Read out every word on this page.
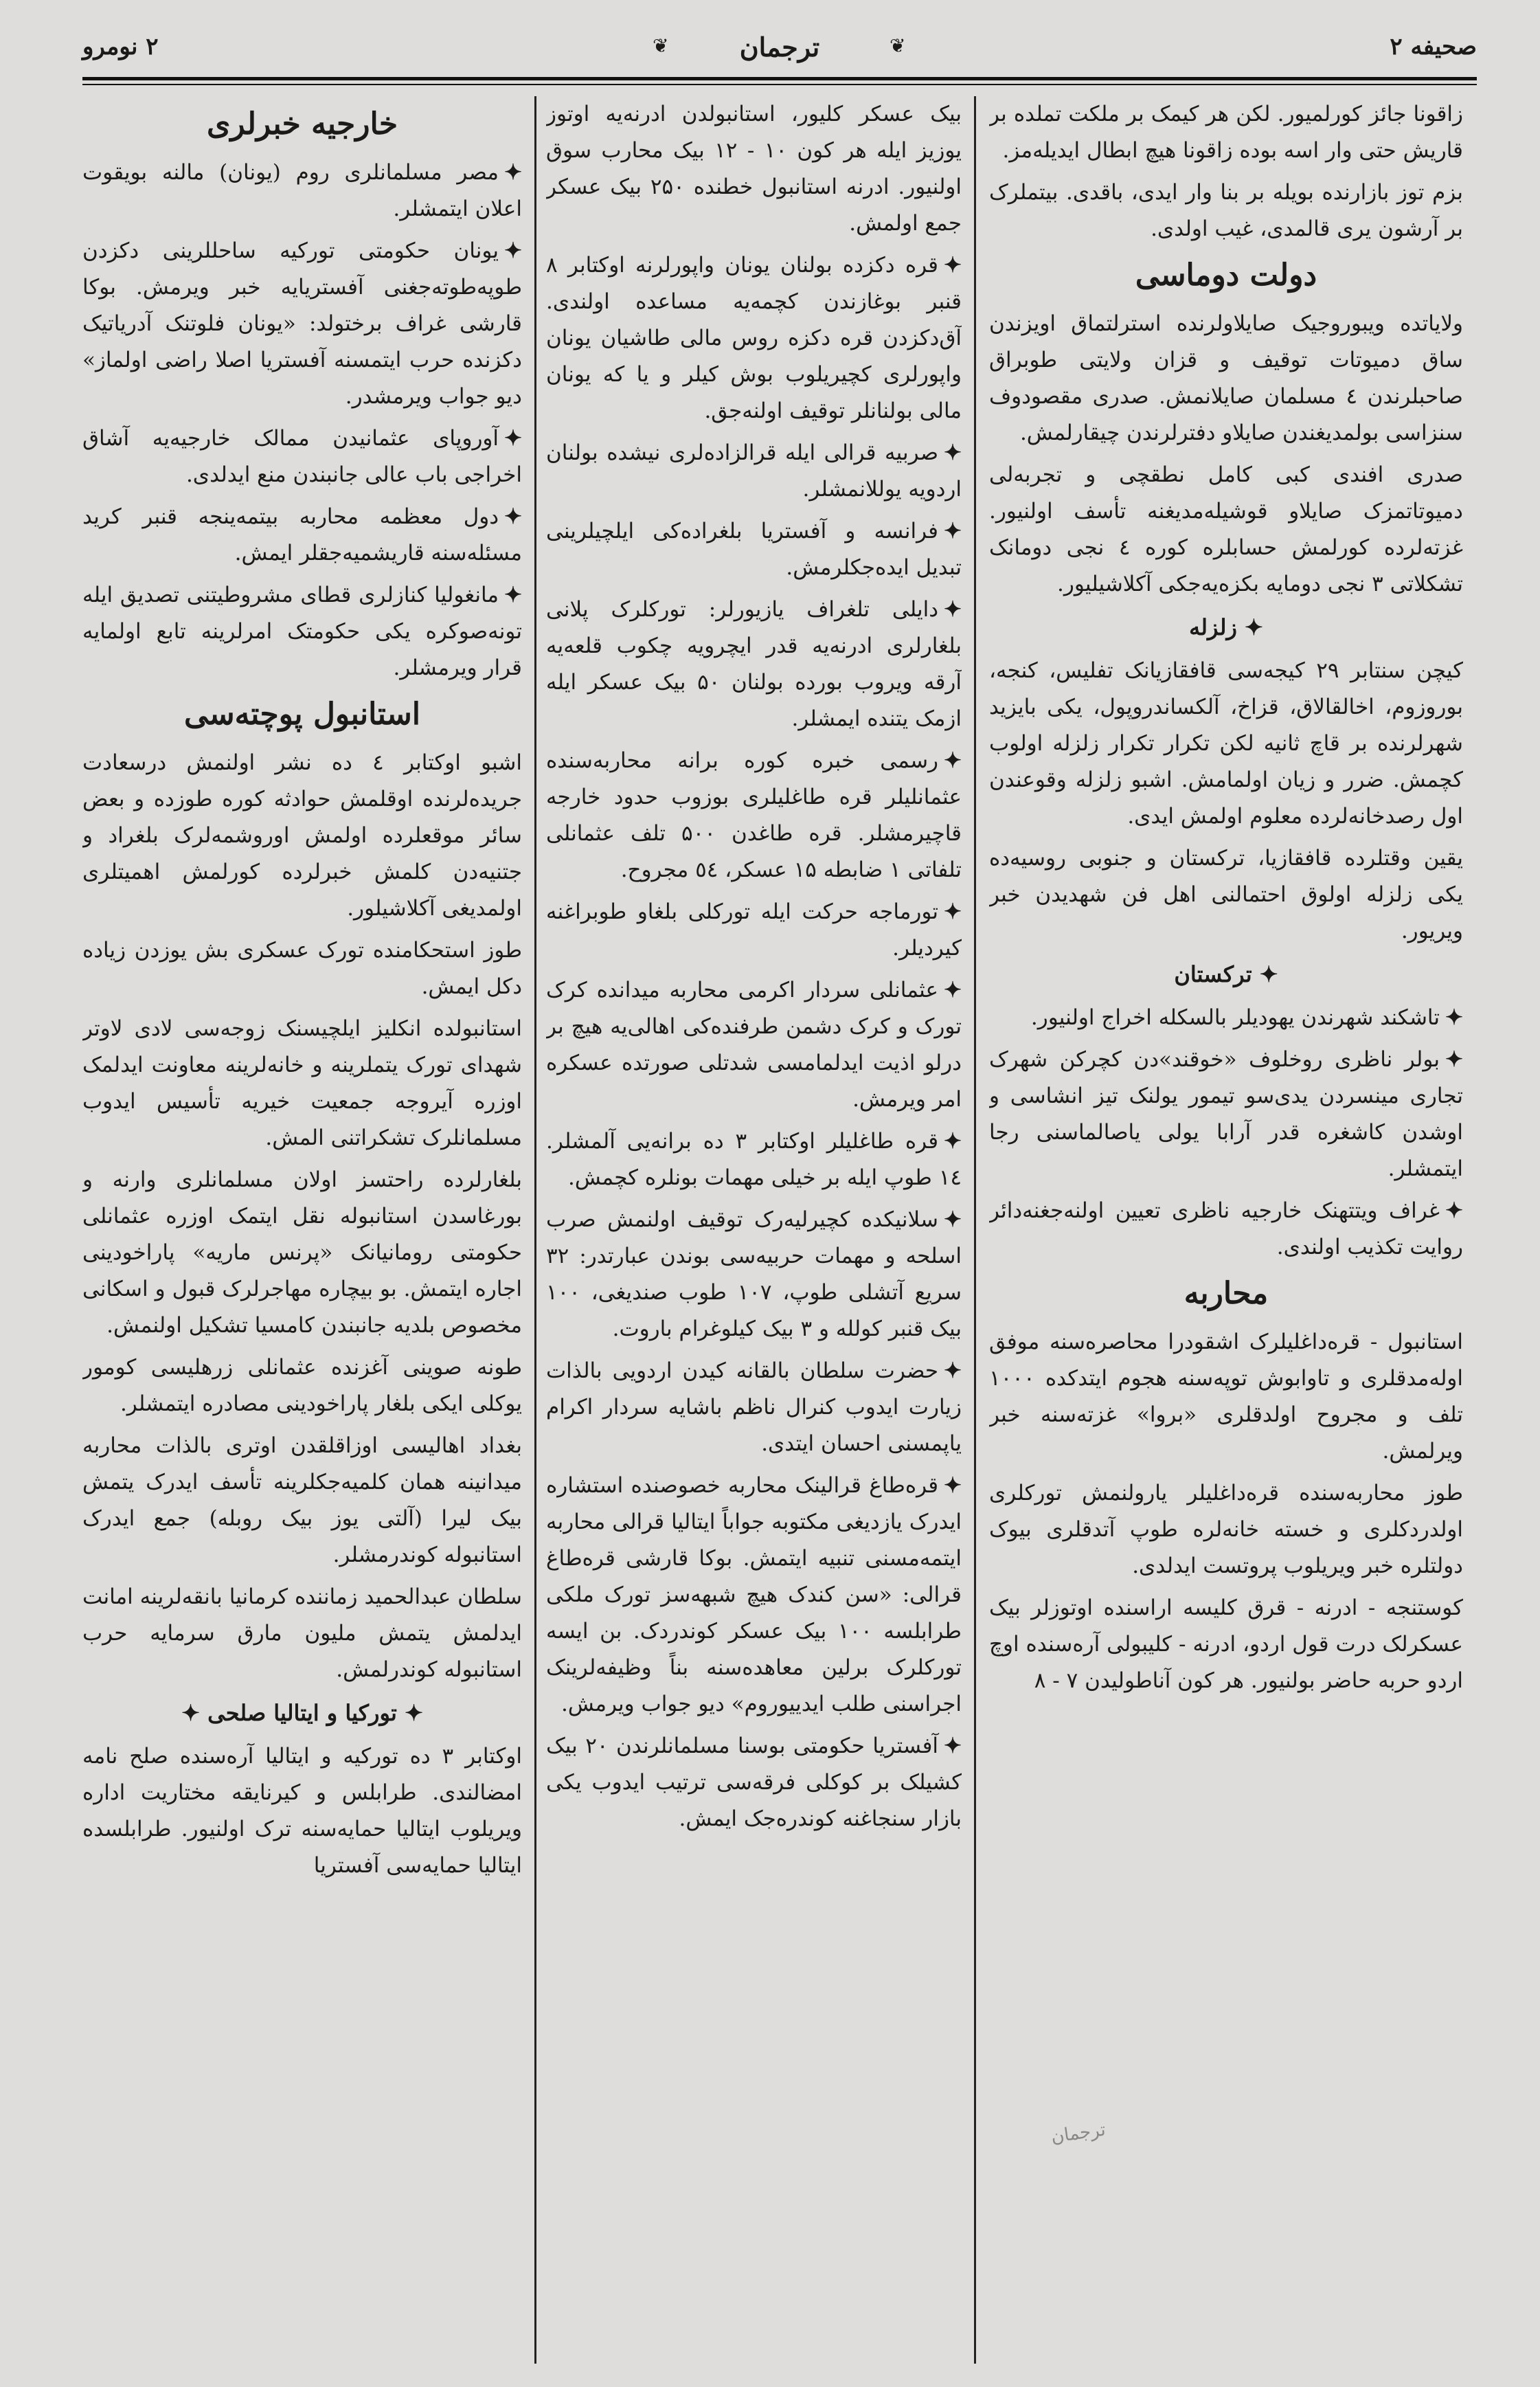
۲ نومرو	❦	ترجمان	❦	صحیفه ۲

زاقونا جائز کورلمیور. لکن هر کیمک بر ملکت تملده بر قاریش حتی وار اسه بوده زاقونا هیچ ابطال ایدیله‌مز.

بزم توز بازارنده بویله بر بنا وار ایدی، باقدی. بیتملرک بر آرشون یری قالمدی، غیب اولدی.

دولت دوماسی

ولایاتده ویبوروجیک صایلاولرنده استرلتماق اویزندن ساق دمیوتات توقیف و قزان ولایتی طوبراق صاحبلرندن ٤ مسلمان صایلانمش. صدری مقصودوف سنزاسی بولمدیغندن صایلاو دفترلرندن چیقارلمش.

صدری افندی کبی کامل نطقچی و تجربه‌لی دمیوتاتمزک صایلاو قوشیله‌مدیغنه تأسف اولنیور. غزته‌لرده کورلمش حسابلره کوره ٤ نجی دومانک تشکلاتی ۳ نجی دومایه بکزه‌یه‌جکی آکلاشیلیور.

✦ زلزله

کیچن سنتابر ۲۹ کیجه‌سی قافقازیانک تفلیس، کنجه، بوروزوم، اخالقالاق، قزاخ، آلکساندروپول، یکی بایزید شهرلرنده بر قاچ ثانیه لکن تکرار تکرار زلزله اولوب کچمش. ضرر و زیان اولمامش. اشبو زلزله وقوعندن اول رصدخانه‌لرده معلوم اولمش ایدی.

یقین وقتلرده قافقازیا، ترکستان و جنوبی روسیه‌ده یکی زلزله اولوق احتمالنی اهل فن شهدیدن خبر ویریور.

✦ ترکستان

✦تاشکند شهرندن یهودیلر بالسکله اخراج اولنیور.

✦بولر ناظری روخلوف «خوقند»دن کچرکن شهرک تجاری مینسردن یدی‌سو تیمور یولنک تیز انشاسی و اوشدن کاشغره قدر آرابا یولی یاصالماسنی رجا ایتمشلر.

✦غراف ویتتهنک خارجیه ناظری تعیین اولنه‌جغنه‌دائر روایت تکذیب اولندی.

محاربه

استانبول - قره‌داغلیلرک اشقودرا محاصره‌سنه موفق اوله‌مدقلری و تاوابوش توپه‌سنه هجوم ایتدکده ۱۰۰۰ تلف و مجروح اولدقلری «بروا» غزته‌سنه خبر ویرلمش.

طوز محاربه‌سنده قره‌داغلیلر یارولنمش تورکلری اولدردکلری و خسته خانه‌لره طوپ آتدقلری بیوک دولتلره خبر ویریلوب پروتست ایدلدی.

کوستنجه - ادرنه - قرق کلیسه اراسنده اوتوزلر بیک عسکرلک درت قول اردو، ادرنه - کلیبولی آره‌سنده اوچ اردو حربه حاضر بولنیور. هر کون آناطولیدن ۷ - ۸

بیک عسکر کلیور، استانبولدن ادرنه‌یه اوتوز یوزیز ایله هر کون ۱۰ - ۱۲ بیک محارب سوق اولنیور. ادرنه استانبول خطنده ۲۵۰ بیک عسکر جمع اولمش.

✦قره دکزده بولنان یونان واپورلرنه اوکتابر ۸ قنبر بوغازندن کچمه‌یه مساعده اولندی. آق‌دکزدن قره دکزه روس مالی طاشیان یونان واپورلری کچیریلوب بوش کیلر و یا که یونان مالی بولنانلر توقیف اولنه‌جق.

✦صربیه قرالی ایله قرالزاده‌لری نیشده بولنان اردویه یوللانمشلر.

✦فرانسه و آفستریا بلغراده‌کی ایلچیلرینی تبدیل ایده‌جکلرمش.

✦دایلی تلغراف یازیورلر: تورکلرک پلانی بلغارلری ادرنه‌یه قدر ایچرویه چکوب قلعه‌یه آرقه ویروب بورده بولنان ۵۰ بیک عسکر ایله ازمک یتنده ایمشلر.

✦رسمی خبره کوره برانه محاربه‌سنده عثمانلیلر قره طاغلیلری بوزوب حدود خارجه قاچیرمشلر. قره طاغدن ۵۰۰ تلف عثمانلی تلفاتی ۱ ضابطه ۱۵ عسکر، ٥٤ مجروح.

✦تورماجه حرکت ایله تورکلی بلغاو طوبراغنه کیردیلر.

✦عثمانلی سردار اکرمی محاربه میدانده کرک تورک و کرک دشمن طرفنده‌کی اهالی‌یه هیچ بر درلو اذیت ایدلمامسی شدتلی صورتده عسکره امر ویرمش.

✦قره طاغلیلر اوکتابر ۳ ده برانه‌یی آلمشلر. ۱٤ طوپ ایله بر خیلی مهمات بونلره کچمش.

✦سلانیکده کچیرلیه‌رک توقیف اولنمش صرب اسلحه و مهمات حربیه‌سی بوندن عبارتدر: ۳۲ سریع آتشلی طوپ، ۱۰۷ طوب صندیغی، ۱۰۰ بیک قنبر کولله و ۳ بیک کیلوغرام باروت.

✦حضرت سلطان بالقانه کیدن اردویی بالذات زیارت ایدوب کنرال ناظم باشایه سردار اکرام یاپمسنی احسان ایتدی.

✦قره‌طاغ قرالینک محاربه خصوصنده استشاره ایدرک یازدیغی مکتوبه جواباً ایتالیا قرالی محاربه ایتمه‌مسنی تنبیه ایتمش. بوکا قارشی قره‌طاغ قرالی: «سن کندک هیچ شبهه‌سز تورک ملکی طرابلسه ۱۰۰ بیک عسکر کوندردک. بن ایسه تورکلرک برلین معاهده‌سنه بناً وظیفه‌لرینک اجراسنی طلب ایدییوروم» دیو جواب ویرمش.

✦آفستریا حکومتی بوسنا مسلمانلرندن ۲۰ بیک کشیلک بر کوکلی فرقه‌سی ترتیب ایدوب یکی بازار سنجاغنه کوندره‌جک ایمش.

خارجیه خبرلری

✦مصر مسلمانلری روم (یونان) مالنه بویقوت اعلان ایتمشلر.

✦یونان حکومتی تورکیه ساحللرینی دکزدن طوپه‌طوته‌جغنی آفستریایه خبر ویرمش. بوکا قارشی غراف برختولد: «یونان فلوتنک آدریاتیک دکزنده حرب ایتمسنه آفستریا اصلا راضی اولماز» دیو جواب ویرمشدر.

✦آوروپای عثمانیدن ممالک خارجیه‌یه آشاق اخراجی باب عالی جانبندن منع ایدلدی.

✦دول معظمه محاربه بیتمه‌ینجه قنبر کرید مسئله‌سنه قاریشمیه‌جقلر ایمش.

✦مانغولیا کنازلری قطای مشروطیتنی تصدیق ایله تونه‌صوکره یکی حکومتک امرلرینه تابع اولمایه قرار ویرمشلر.

استانبول پوچته‌سی

اشبو اوکتابر ٤ ده نشر اولنمش درسعادت جریده‌لرنده اوقلمش حوادثه کوره طوزده و بعض سائر موقعلرده اولمش اوروشمه‌لرک بلغراد و جتنیه‌دن کلمش خبرلرده کورلمش اهمیتلری اولمدیغی آکلاشیلور.

طوز استحکامنده تورک عسکری بش یوزدن زیاده دکل ایمش.

استانبولده انکلیز ایلچیسنک زوجه‌سی لادی لاوتر شهدای تورک یتملرینه و خانه‌لرینه معاونت ایدلمک اوزره آیروجه جمعیت خیریه تأسیس ایدوب مسلمانلرک تشکراتنی المش.

بلغارلرده راحتسز اولان مسلمانلری وارنه و بورغاسدن استانبوله نقل ایتمک اوزره عثمانلی حکومتی رومانیانک «پرنس ماریه» پاراخودینی اجاره ایتمش. بو بیچاره مهاجرلرک قبول و اسکانی مخصوص بلدیه جانبندن کامسیا تشکیل اولنمش.

طونه صوینی آغزنده عثمانلی زرهلیسی کومور یوکلی ایکی بلغار پاراخودینی مصادره ایتمشلر.

بغداد اهالیسی اوزاقلقدن اوتری بالذات محاربه میدانینه همان کلمیه‌جکلرینه تأسف ایدرک یتمش بیک لیرا (آلتی یوز بیک روبله) جمع ایدرک استانبوله کوندرمشلر.

سلطان عبدالحمید زماننده کرمانیا بانقه‌لرینه امانت ایدلمش یتمش ملیون مارق سرمایه حرب استانبوله کوندرلمش.

✦ تورکیا و ایتالیا صلحی ✦

اوکتابر ۳ ده تورکیه و ایتالیا آره‌سنده صلح نامه امضالندی. طرابلس و کیرنایقه مختاریت اداره ویریلوب ایتالیا حمایه‌سنه ترک اولنیور. طرابلسده ایتالیا حمایه‌سی آفستریا

ترجمان
